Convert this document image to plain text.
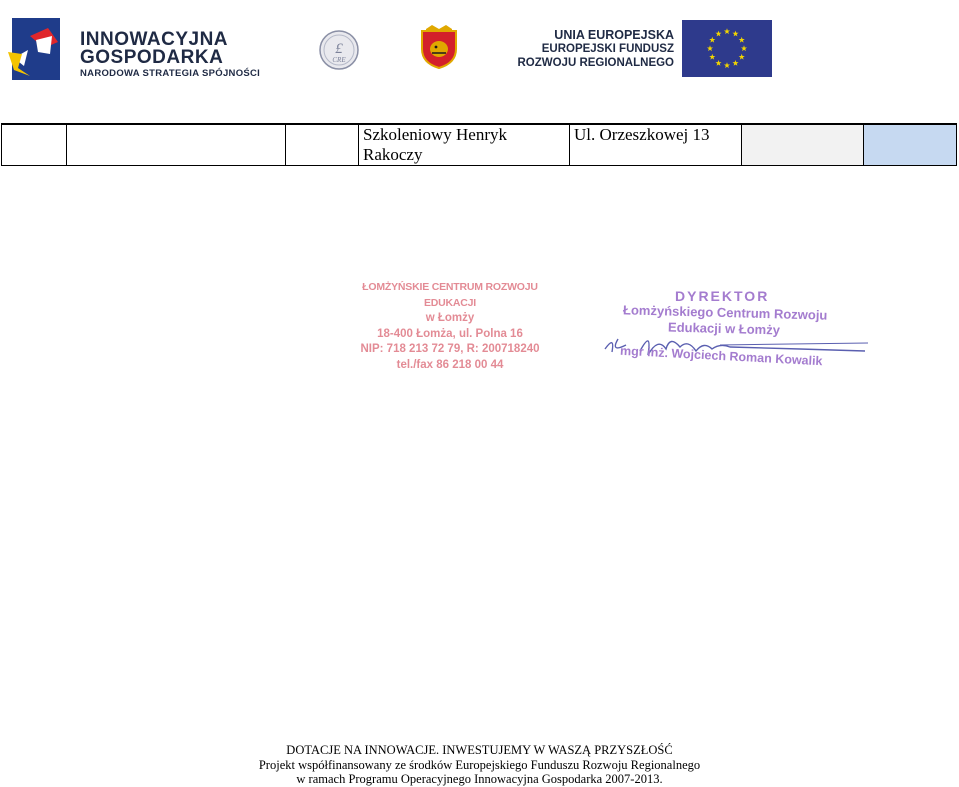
INNOWACYJNA
GOSPODARKA
NARODOWA STRATEGIA SPÓJNOŚCI
£
CRE
UNIA EUROPEJSKA
EUROPEJSKI FUNDUSZ
ROZWOJU REGIONALNEGO
			Szkoleniowy Henryk Rakoczy	Ul. Orzeszkowej 13		
ŁOMŻYŃSKIE CENTRUM ROZWOJU EDUKACJI
w Łomży
18-400 Łomża, ul. Polna 16
NIP: 718 213 72 79, R: 200718240
tel./fax 86 218 00 44
DYREKTOR
Łomżyńskiego Centrum Rozwoju
Edukacji w Łomży
mgr inż. Wojciech Roman Kowalik
DOTACJE NA INNOWACJE. INWESTUJEMY W WASZĄ PRZYSZŁOŚĆ
Projekt współfinansowany ze środków Europejskiego Funduszu Rozwoju Regionalnego
w ramach Programu Operacyjnego Innowacyjna Gospodarka 2007-2013.
